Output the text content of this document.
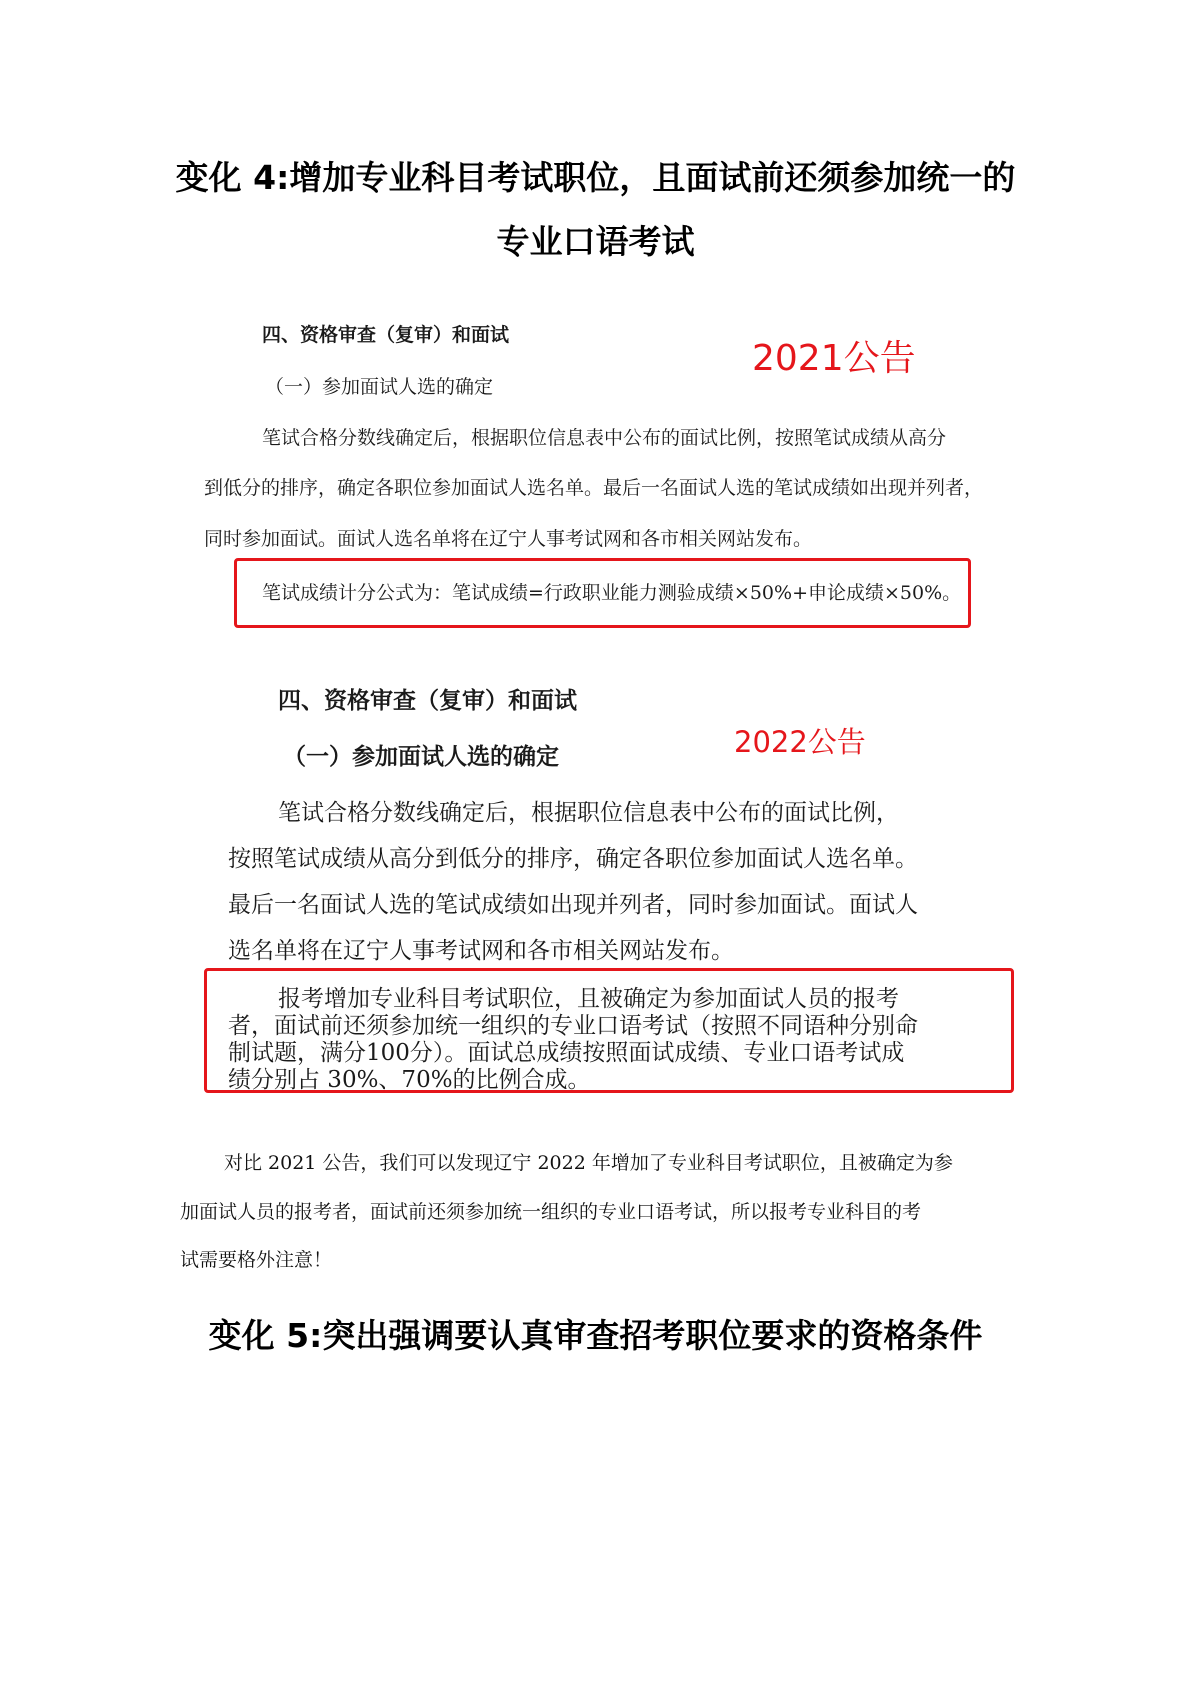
变化 4:增加专业科目考试职位，且面试前还须参加统一的
专业口语考试
四、资格审查（复审）和面试
2021公告
（一）参加面试人选的确定
笔试合格分数线确定后，根据职位信息表中公布的面试比例，按照笔试成绩从高分
到低分的排序，确定各职位参加面试人选名单。最后一名面试人选的笔试成绩如出现并列者，
同时参加面试。面试人选名单将在辽宁人事考试网和各市相关网站发布。
笔试成绩计分公式为：笔试成绩=行政职业能力测验成绩×50%+申论成绩×50%。
四、资格审查（复审）和面试
2022公告
（一）参加面试人选的确定
笔试合格分数线确定后，根据职位信息表中公布的面试比例，
按照笔试成绩从高分到低分的排序，确定各职位参加面试人选名单。
最后一名面试人选的笔试成绩如出现并列者，同时参加面试。面试人
选名单将在辽宁人事考试网和各市相关网站发布。
报考增加专业科目考试职位，且被确定为参加面试人员的报考
者，面试前还须参加统一组织的专业口语考试（按照不同语种分别命
制试题，满分100分）。面试总成绩按照面试成绩、专业口语考试成
绩分别占 30%、70%的比例合成。
对比 2021 公告，我们可以发现辽宁 2022 年增加了专业科目考试职位，且被确定为参
加面试人员的报考者，面试前还须参加统一组织的专业口语考试，所以报考专业科目的考
试需要格外注意！
变化 5:突出强调要认真审查招考职位要求的资格条件
